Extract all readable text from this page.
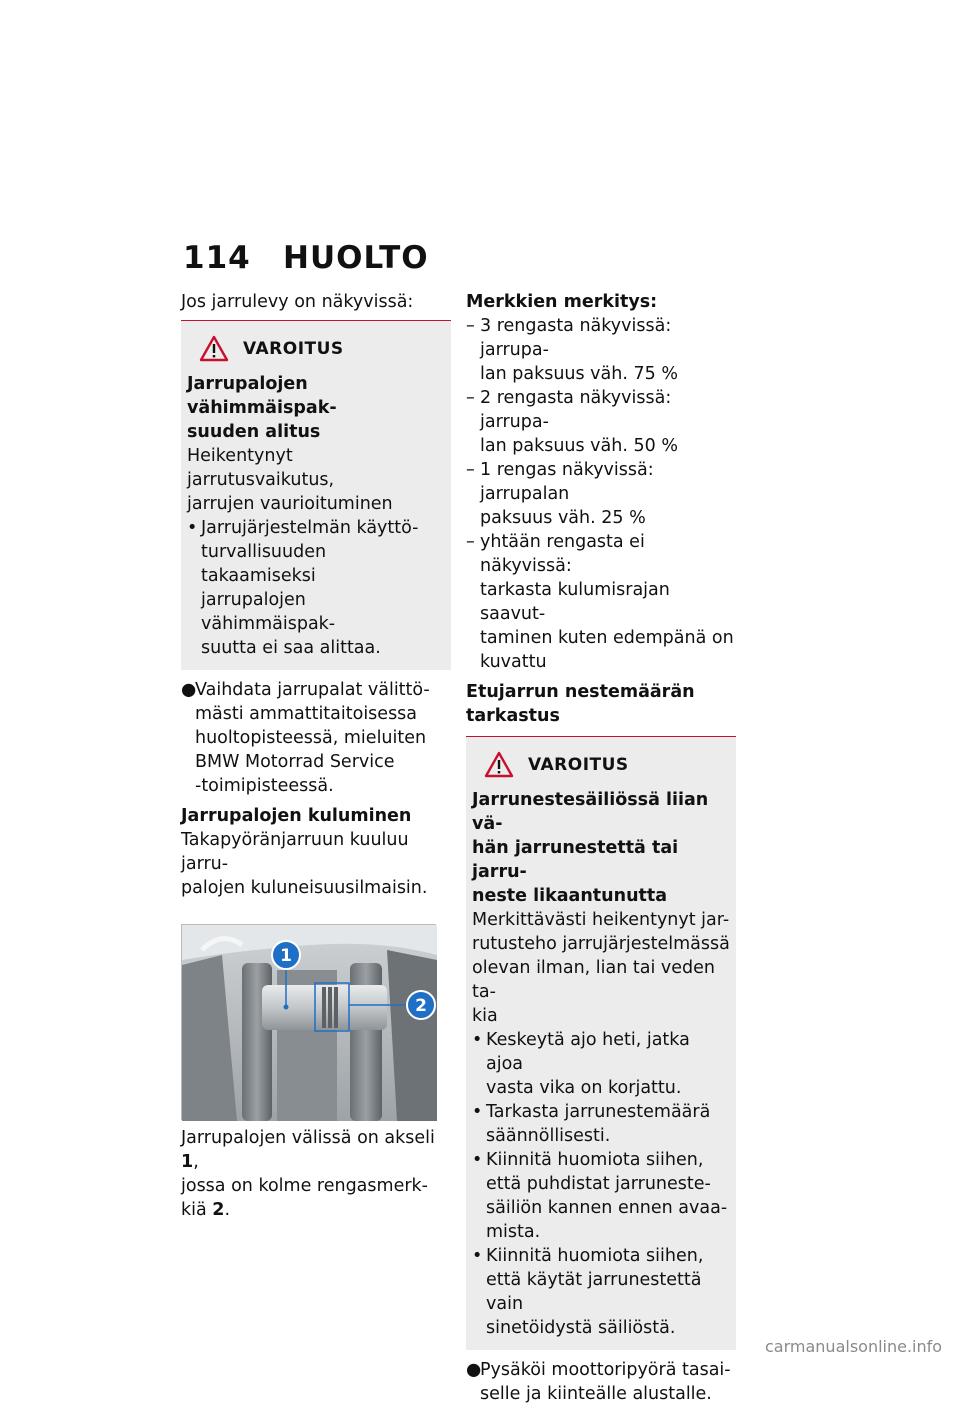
114	HUOLTO

Jos jarrulevy on näkyvissä:

VAROITUS

Jarrupalojen vähimmäispak-

suuden alitus

Heikentynyt jarrutusvaikutus,

jarrujen vaurioituminen

• Jarrujärjestelmän käyttö-

turvallisuuden takaamiseksi

jarrupalojen vähimmäispak-

suutta ei saa alittaa.

●

Vaihdata jarrupalat välittö-

mästi ammattitaitoisessa

huoltopisteessä, mieluiten

BMW Motorrad Service

-toimipisteessä.

Jarrupalojen kuluminen

Takapyöränjarruun kuuluu jarru-

palojen kuluneisuusilmaisin.

1
2

Jarrupalojen välissä on akseli 1,

jossa on kolme rengasmerk-

kiä 2.

Merkkien merkitys:

– 3 rengasta näkyvissä: jarrupa-

lan paksuus väh. 75 %

– 2 rengasta näkyvissä: jarrupa-

lan paksuus väh. 50 %

– 1 rengas näkyvissä: jarrupalan

paksuus väh. 25 %

– yhtään rengasta ei näkyvissä:

tarkasta kulumisrajan saavut-

taminen kuten edempänä on

kuvattu

Etujarrun nestemäärän

tarkastus

VAROITUS

Jarrunestesäiliössä liian vä-

hän jarrunestettä tai jarru-

neste likaantunutta

Merkittävästi heikentynyt jar-

rutusteho jarrujärjestelmässä

olevan ilman, lian tai veden ta-

kia

• Keskeytä ajo heti, jatka ajoa

vasta vika on korjattu.

• Tarkasta jarrunestemäärä

säännöllisesti.

• Kiinnitä huomiota siihen,

että puhdistat jarruneste-

säiliön kannen ennen avaa-

mista.

• Kiinnitä huomiota siihen,

että käytät jarrunestettä vain

sinetöidystä säiliöstä.

●

Pysäköi moottoripyörä tasai-

selle ja kiinteälle alustalle.

carmanualsonline.info
